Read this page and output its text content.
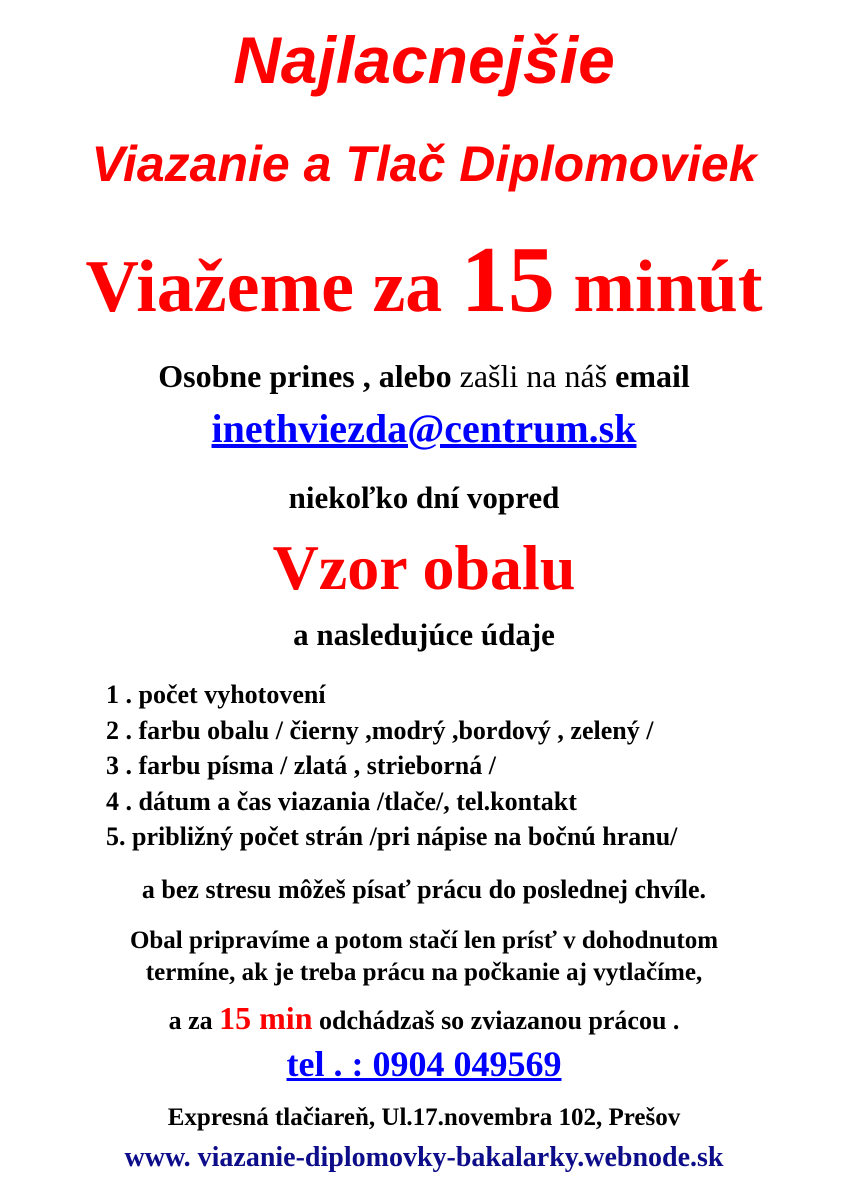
Najlacnejšie
Viazanie a Tlač Diplomoviek
Viažeme za 15 minút
Osobne prines , alebo zašli na náš email
inethviezda@centrum.sk
niekoľko dní vopred
Vzor obalu
a nasledujúce údaje
1 . počet vyhotovení
2 . farbu obalu / čierny ,modrý ,bordový , zelený /
3 . farbu písma / zlatá , strieborná /
4 . dátum a čas viazania /tlače/, tel.kontakt
5. približný počet strán /pri nápise na bočnú hranu/
a bez stresu môžeš písať prácu do poslednej chvíle.
Obal pripravíme a potom stačí len prísť v dohodnutom
termíne, ak je treba prácu na počkanie aj vytlačíme,
a za 15 min odchádzaš so zviazanou prácou .
tel . : 0904 049569
Expresná tlačiareň, Ul.17.novembra 102, Prešov
www. viazanie-diplomovky-bakalarky.webnode.sk
